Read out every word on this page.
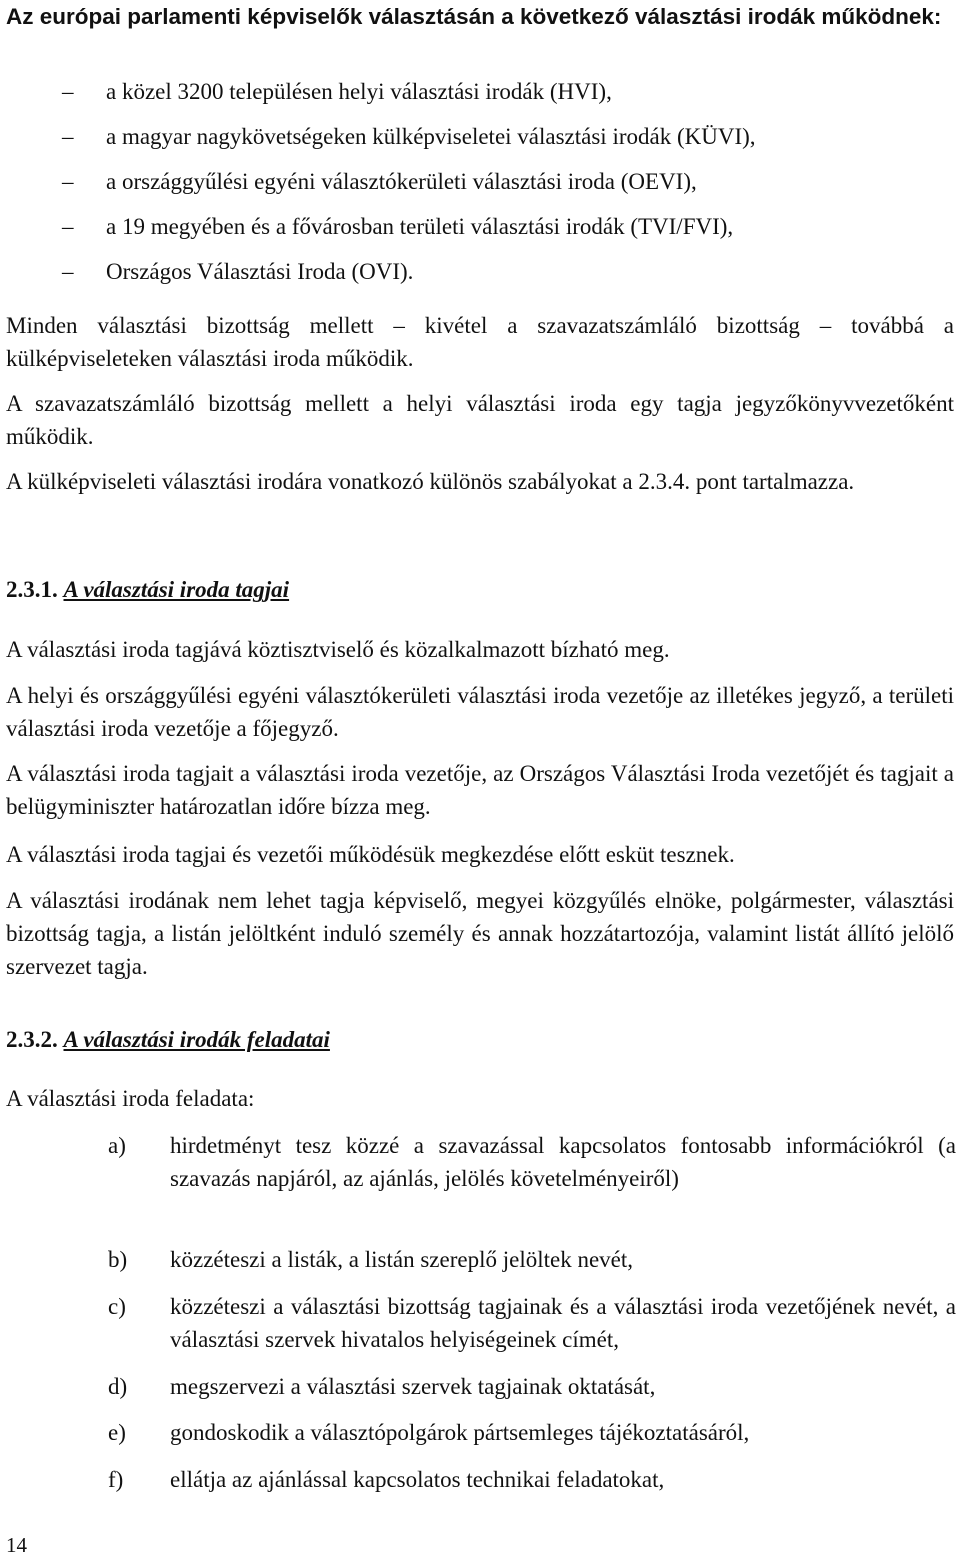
Az európai parlamenti képviselők választásán a következő választási irodák működnek:
– a közel 3200 településen helyi választási irodák (HVI),
– a magyar nagykövetségeken külképviseletei választási irodák (KÜVI),
– a országgyűlési egyéni választókerületi választási iroda (OEVI),
– a 19 megyében és a fővárosban területi választási irodák (TVI/FVI),
– Országos Választási Iroda (OVI).

Minden választási bizottság mellett – kivétel a szavazatszámláló bizottság – továbbá a külképviseleteken választási iroda működik.

A szavazatszámláló bizottság mellett a helyi választási iroda egy tagja jegyzőkönyvvezetőként működik.

A külképviseleti választási irodára vonatkozó különös szabályokat a 2.3.4. pont tartalmazza.

2.3.1. A választási iroda tagjai

A választási iroda tagjává köztisztviselő és közalkalmazott bízható meg.

A helyi és országgyűlési egyéni választókerületi választási iroda vezetője az illetékes jegyző, a területi választási iroda vezetője a főjegyző.

A választási iroda tagjait a választási iroda vezetője, az Országos Választási Iroda vezetőjét és tagjait a belügyminiszter határozatlan időre bízza meg.

A választási iroda tagjai és vezetői működésük megkezdése előtt esküt tesznek.

A választási irodának nem lehet tagja képviselő, megyei közgyűlés elnöke, polgármester, választási bizottság tagja, a listán jelöltként induló személy és annak hozzátartozója, valamint listát állító jelölő szervezet tagja.

2.3.2. A választási irodák feladatai

A választási iroda feladata:

a)	hirdetményt tesz közzé a szavazással kapcsolatos fontosabb információkról (a szavazás napjáról, az ajánlás, jelölés követelményeiről)
b)	közzéteszi a listák, a listán szereplő jelöltek nevét,
c)	közzéteszi a választási bizottság tagjainak és a választási iroda vezetőjének nevét, a választási szervek hivatalos helyiségeinek címét,
d)	megszervezi a választási szervek tagjainak oktatását,
e)	gondoskodik a választópolgárok pártsemleges tájékoztatásáról,
f)	ellátja az ajánlással kapcsolatos technikai feladatokat,
14
